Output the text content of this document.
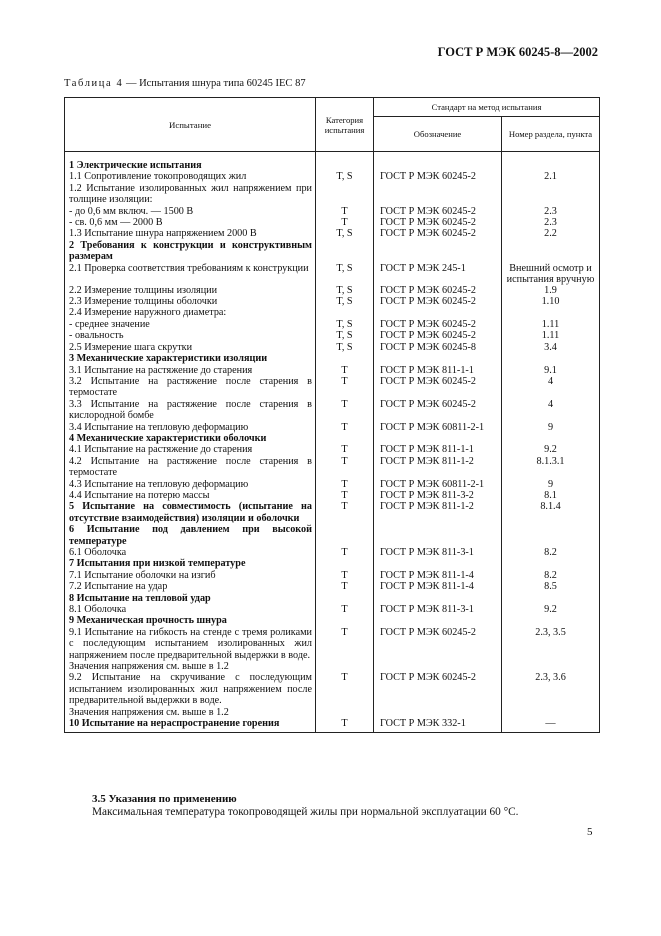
ГОСТ Р МЭК 60245-8—2002
Таблица 4 — Испытания шнура типа 60245 IEC 87
Испытание	Категория испытания	Стандарт на метод испытания	
		Обозначение	Номер раздела, пункта
1 Электрические испытания			
1.1 Сопротивление токопроводящих жил	T, S	ГОСТ Р МЭК 60245-2	2.1
1.2 Испытание изолированных жил напряжением при толщине изоляции:			
- до 0,6 мм включ. — 1500 В	T	ГОСТ Р МЭК 60245-2	2.3
- св. 0,6 мм — 2000 В	T	ГОСТ Р МЭК 60245-2	2.3
1.3 Испытание шнура напряжением 2000 В	T, S	ГОСТ Р МЭК 60245-2	2.2
2 Требования к конструкции и конструктивным размерам			
2.1 Проверка соответствия требованиям к конструкции	T, S	ГОСТ Р МЭК 245-1	Внешний осмотр и испытания вручную
2.2 Измерение толщины изоляции	T, S	ГОСТ Р МЭК 60245-2	1.9
2.3 Измерение толщины оболочки	T, S	ГОСТ Р МЭК 60245-2	1.10
2.4 Измерение наружного диаметра:			
- среднее значение	T, S	ГОСТ Р МЭК 60245-2	1.11
- овальность	T, S	ГОСТ Р МЭК 60245-2	1.11
2.5 Измерение шага скрутки	T, S	ГОСТ Р МЭК 60245-8	3.4
3 Механические характеристики изоляции			
3.1 Испытание на растяжение до старения	T	ГОСТ Р МЭК 811-1-1	9.1
3.2 Испытание на растяжение после старения в термостате	T	ГОСТ Р МЭК 60245-2	4
3.3 Испытание на растяжение после старения в кислородной бомбе	T	ГОСТ Р МЭК 60245-2	4
3.4 Испытание на тепловую деформацию	T	ГОСТ Р МЭК 60811-2-1	9
4 Механические характеристики оболочки			
4.1 Испытание на растяжение до старения	T	ГОСТ Р МЭК 811-1-1	9.2
4.2 Испытание на растяжение после старения в термостате	T	ГОСТ Р МЭК 811-1-2	8.1.3.1
4.3 Испытание на тепловую деформацию	T	ГОСТ Р МЭК 60811-2-1	9
4.4 Испытание на потерю массы	T	ГОСТ Р МЭК 811-3-2	8.1
5 Испытание на совместимость (испытание на отсутствие взаимодействия) изоляции и оболочки	T	ГОСТ Р МЭК 811-1-2	8.1.4
6 Испытание под давлением при высокой температуре			
6.1 Оболочка	T	ГОСТ Р МЭК 811-3-1	8.2
7 Испытания при низкой температуре			
7.1 Испытание оболочки на изгиб	T	ГОСТ Р МЭК 811-1-4	8.2
7.2 Испытание на удар	T	ГОСТ Р МЭК 811-1-4	8.5
8 Испытание на тепловой удар			
8.1 Оболочка	T	ГОСТ Р МЭК 811-3-1	9.2
9 Механическая прочность шнура			
9.1 Испытание на гибкость на стенде с тремя роликами с последующим испытанием изолированных жил напряжением после предварительной выдержки в воде.	T	ГОСТ Р МЭК 60245-2	2.3, 3.5
Значения напряжения см. выше в 1.2			
9.2 Испытание на скручивание с последующим испытанием изолированных жил напряжением после предварительной выдержки в воде.	T	ГОСТ Р МЭК 60245-2	2.3, 3.6
Значения напряжения см. выше в 1.2			
10 Испытание на нераспространение горения	T	ГОСТ Р МЭК 332-1	—
3.5 Указания по применению
Максимальная температура токопроводящей жилы при нормальной эксплуатации 60 °С.
5
